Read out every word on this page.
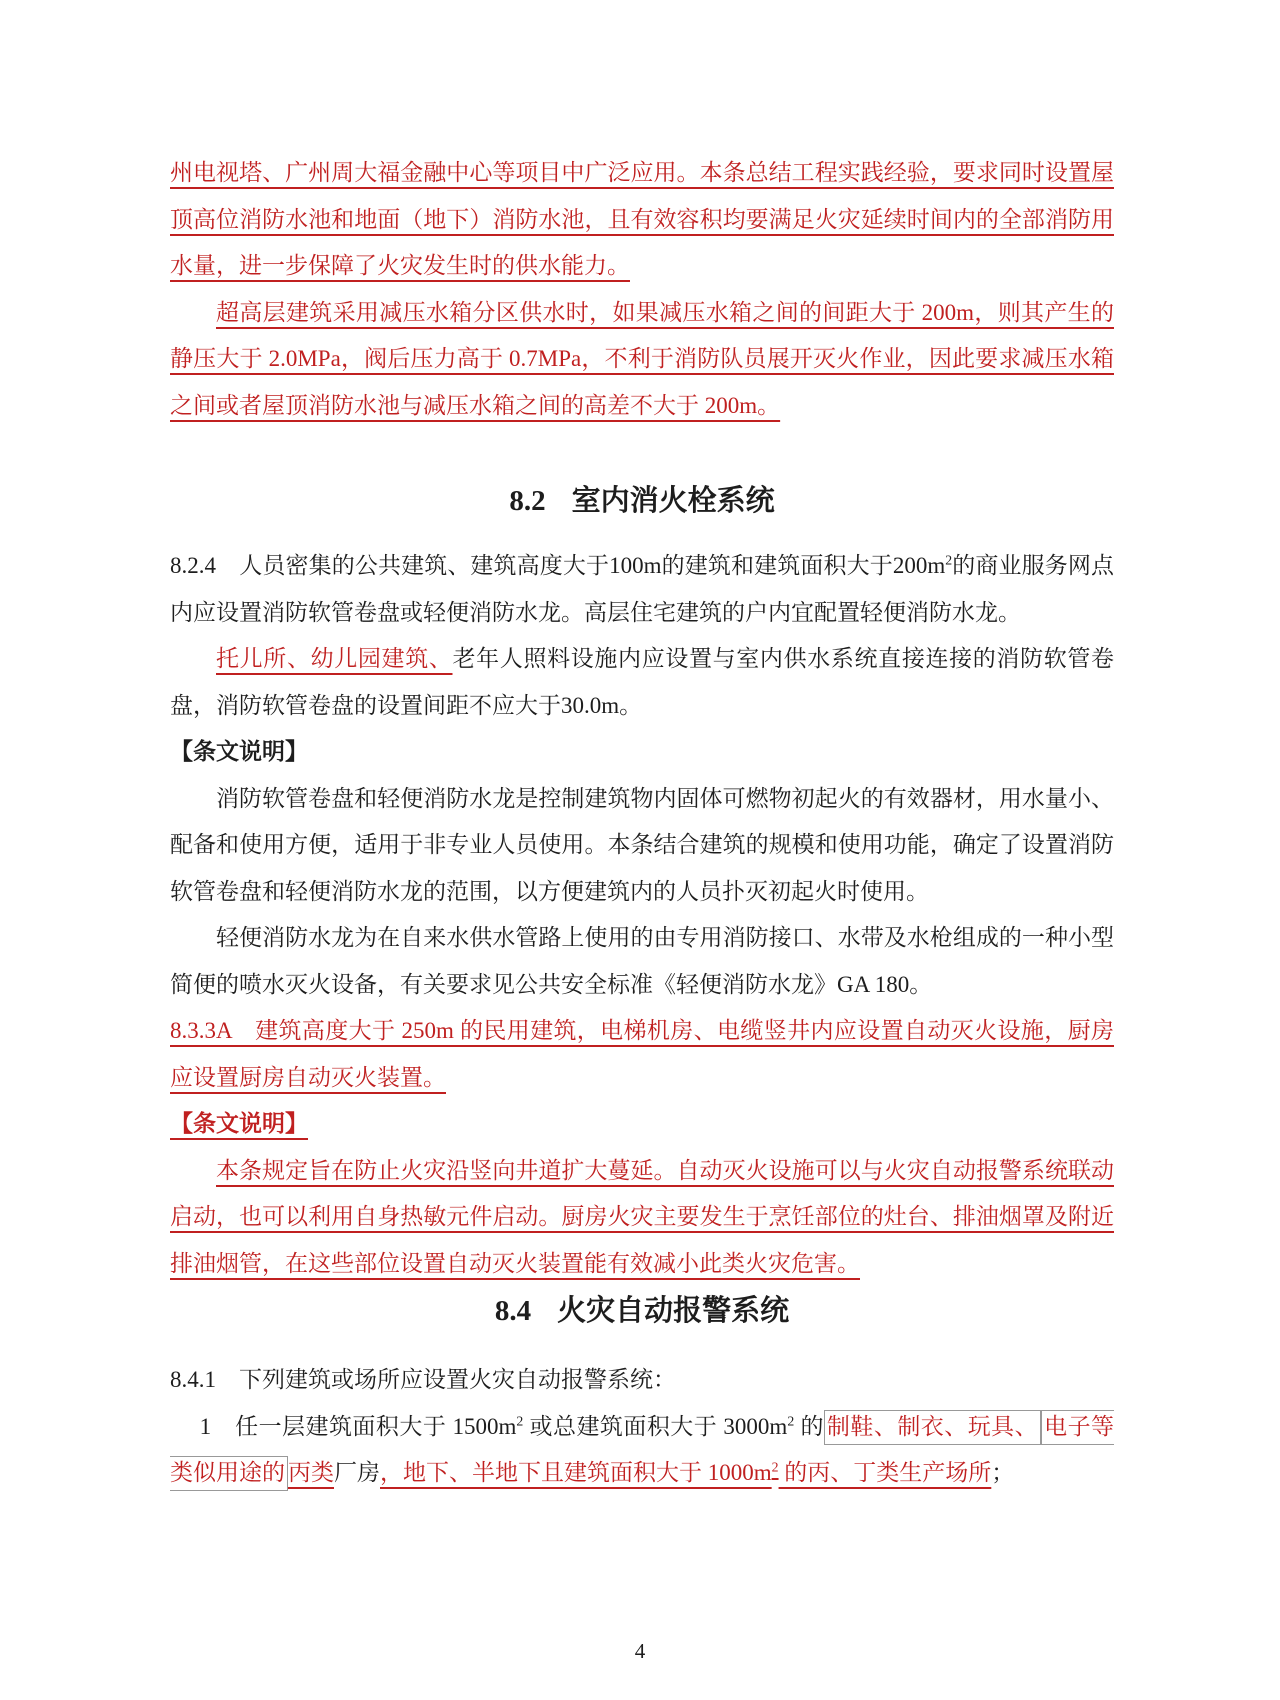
州电视塔、广州周大福金融中心等项目中广泛应用。本条总结工程实践经验，要求同时设置屋顶高位消防水池和地面（地下）消防水池，且有效容积均要满足火灾延续时间内的全部消防用水量，进一步保障了火灾发生时的供水能力。
超高层建筑采用减压水箱分区供水时，如果减压水箱之间的间距大于 200m，则其产生的静压大于 2.0MPa，阀后压力高于 0.7MPa，不利于消防队员展开灭火作业，因此要求减压水箱之间或者屋顶消防水池与减压水箱之间的高差不大于 200m。
8.2 室内消火栓系统
8.2.4　人员密集的公共建筑、建筑高度大于100m的建筑和建筑面积大于$200m^2$的商业服务网点内应设置消防软管卷盘或轻便消防水龙。高层住宅建筑的户内宜配置轻便消防水龙。
托儿所、幼儿园建筑、老年人照料设施内应设置与室内供水系统直接连接的消防软管卷盘，消防软管卷盘的设置间距不应大于30.0m。
【条文说明】
消防软管卷盘和轻便消防水龙是控制建筑物内固体可燃物初起火的有效器材，用水量小、配备和使用方便，适用于非专业人员使用。本条结合建筑的规模和使用功能，确定了设置消防软管卷盘和轻便消防水龙的范围，以方便建筑内的人员扑灭初起火时使用。
轻便消防水龙为在自来水供水管路上使用的由专用消防接口、水带及水枪组成的一种小型简便的喷水灭火设备，有关要求见公共安全标准《轻便消防水龙》GA 180。
8.3.3A　建筑高度大于 250m 的民用建筑，电梯机房、电缆竖井内应设置自动灭火设施，厨房应设置厨房自动灭火装置。
【条文说明】
本条规定旨在防止火灾沿竖向井道扩大蔓延。自动灭火设施可以与火灾自动报警系统联动启动，也可以利用自身热敏元件启动。厨房火灾主要发生于烹饪部位的灶台、排油烟罩及附近排油烟管，在这些部位设置自动灭火装置能有效减小此类火灾危害。
8.4 火灾自动报警系统
8.4.1　下列建筑或场所应设置火灾自动报警系统：
　 1　任一层建筑面积大于 $1500m^2$ 或总建筑面积大于 $3000m^2$ 的 制鞋、制衣、玩具、 电子等类似用途的 丙类厂房，地下、半地下且建筑面积大于 $1000m^2$ 的丙、丁类生产场所；
4
